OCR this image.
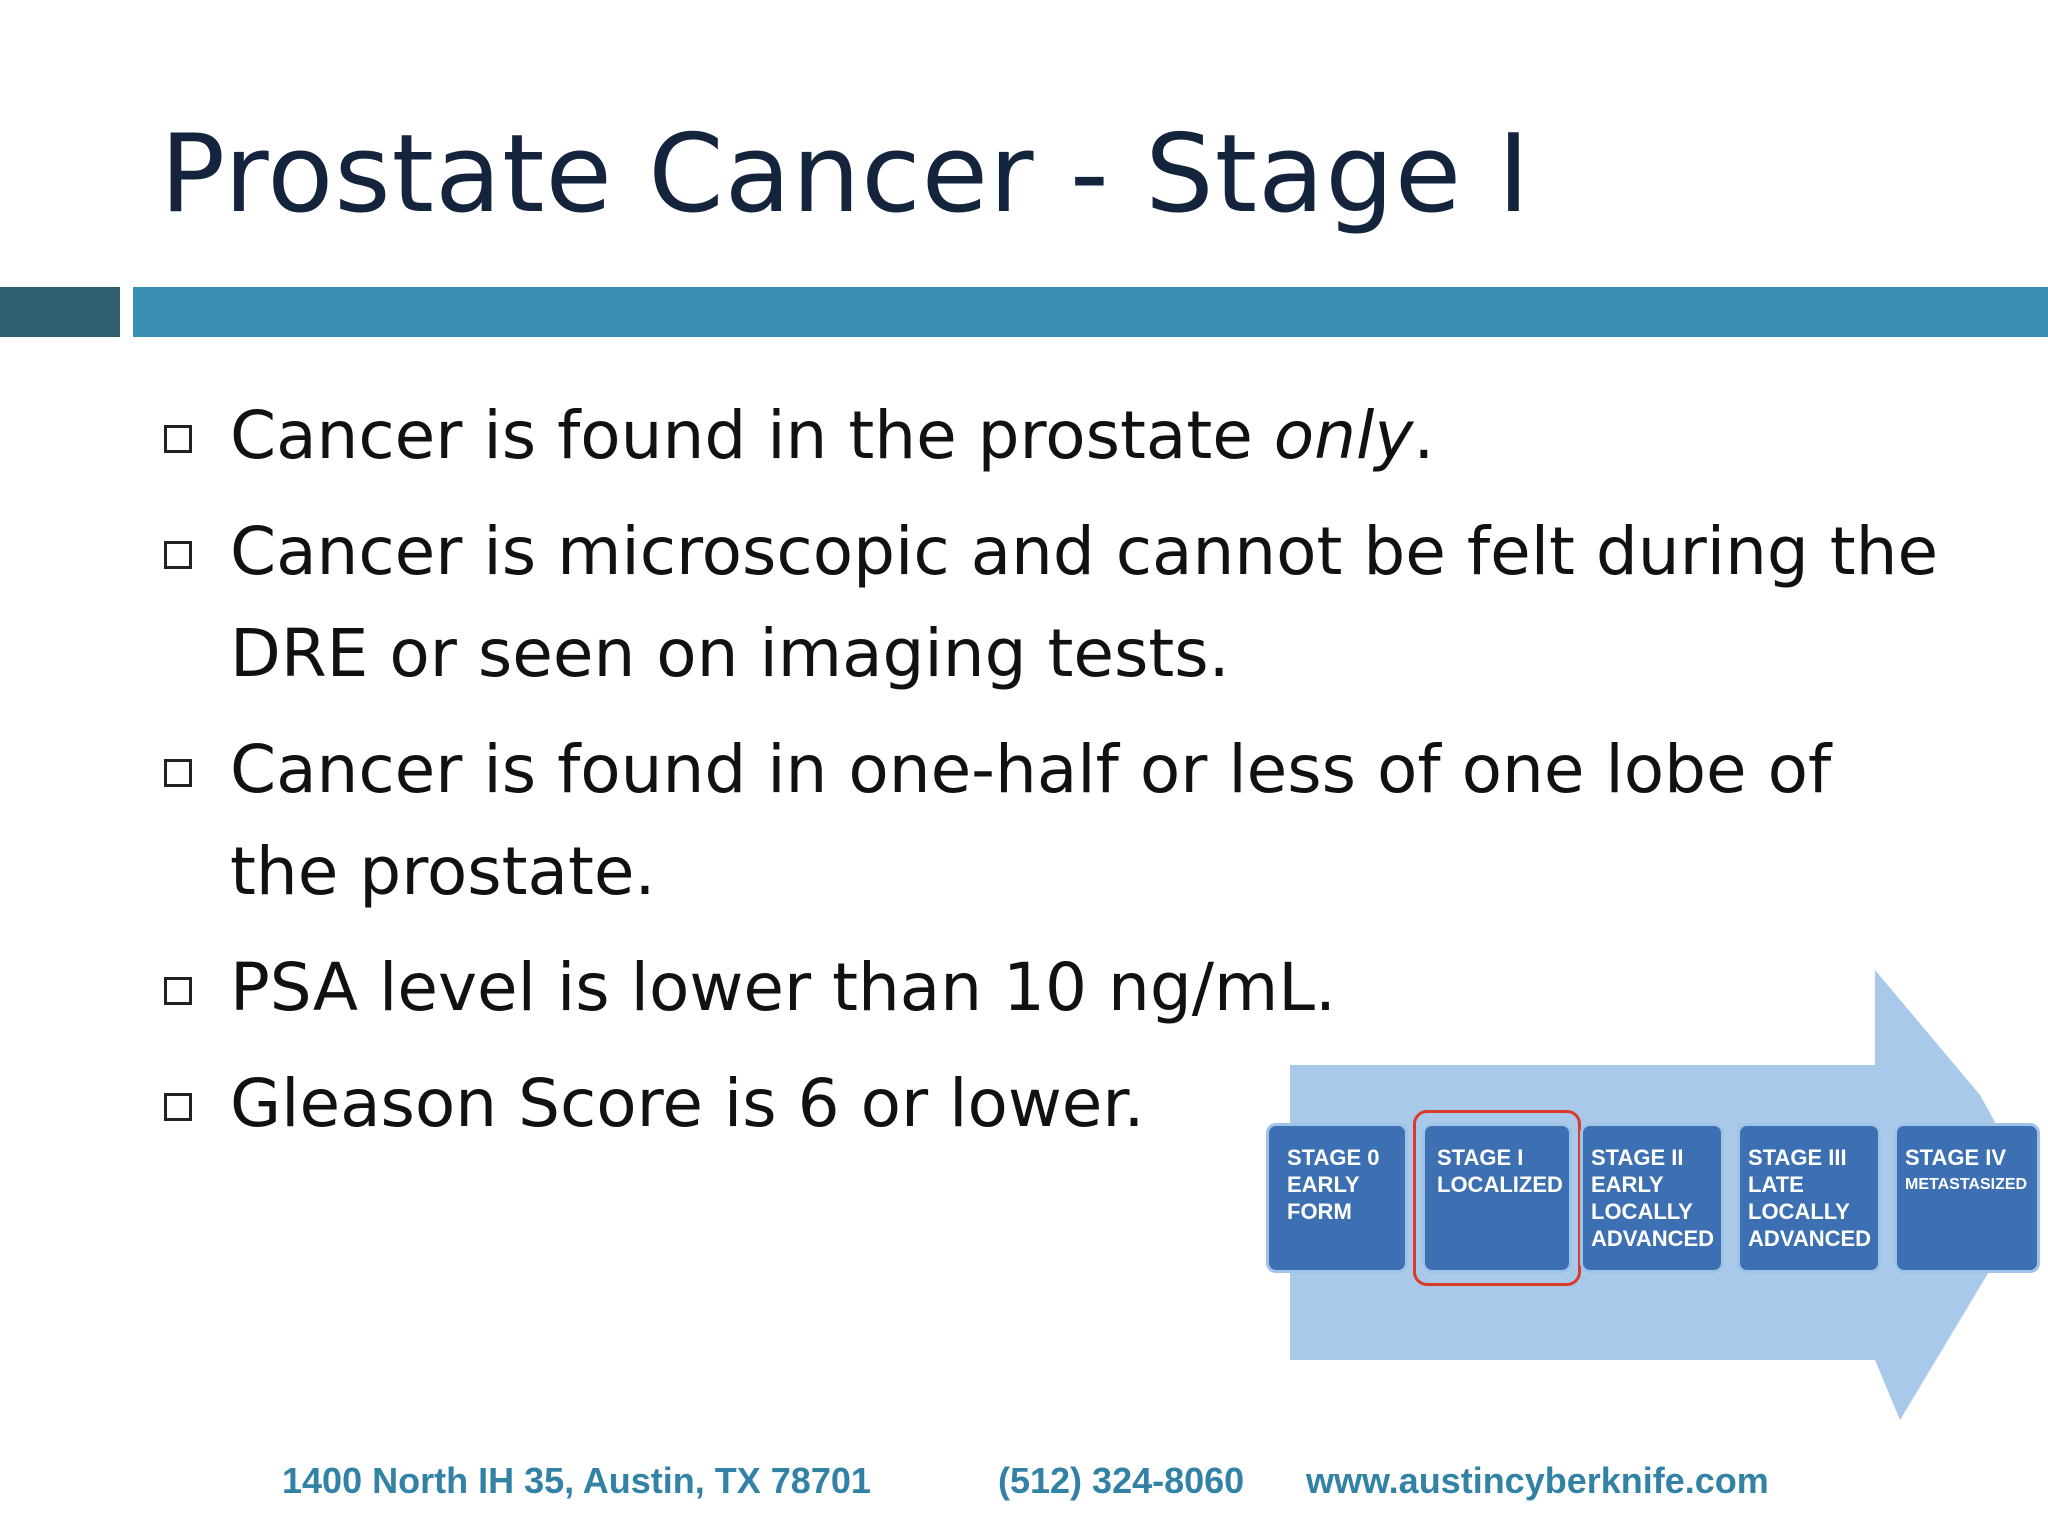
Prostate Cancer - Stage I
Cancer is found in the prostate only.
Cancer is microscopic and cannot be felt during the DRE or seen on imaging tests.
Cancer is found in one-half or less of one lobe of the prostate.
PSA level is lower than 10 ng/mL.
Gleason Score is 6 or lower.
STAGE 0
EARLY
FORM
STAGE I
LOCALIZED
STAGE II
EARLY
LOCALLY
ADVANCED
STAGE III
LATE
LOCALLY
ADVANCED
STAGE IV
METASTASIZED
1400 North IH 35, Austin, TX 78701	(512) 324-8060 www.austincyberknife.com
